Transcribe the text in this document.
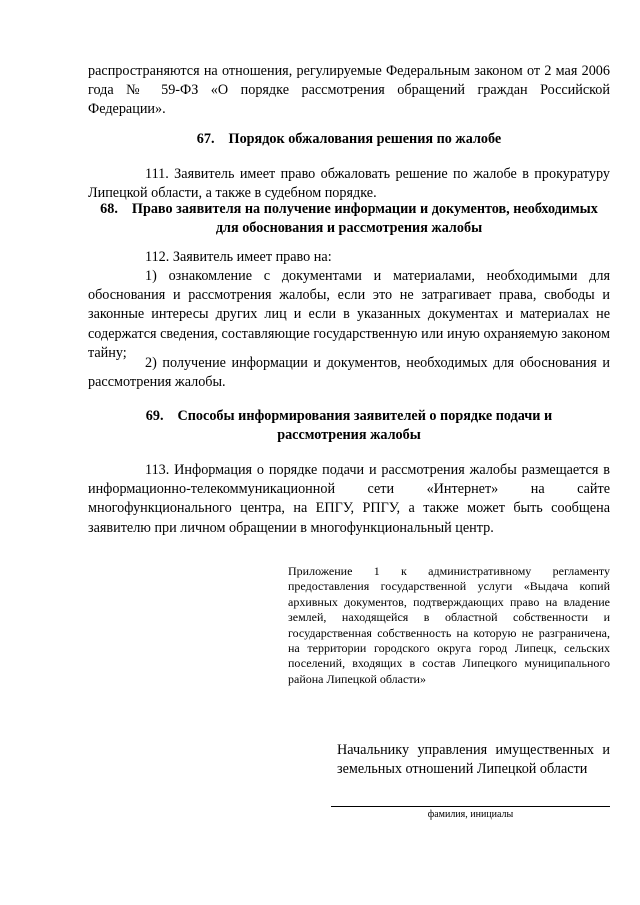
распространяются на отношения, регулируемые Федеральным законом от 2 мая 2006 года № 59-ФЗ «О порядке рассмотрения обращений граждан Российской Федерации».

67. Порядок обжалования решения по жалобе

111. Заявитель имеет право обжаловать решение по жалобе в прокуратуру Липецкой области, а также в судебном порядке.

68. Право заявителя на получение информации и документов, необходимых для обоснования и рассмотрения жалобы

112. Заявитель имеет право на:

1) ознакомление с документами и материалами, необходимыми для обоснования и рассмотрения жалобы, если это не затрагивает права, свободы и законные интересы других лиц и если в указанных документах и материалах не содержатся сведения, составляющие государственную или иную охраняемую законом тайну;

2) получение информации и документов, необходимых для обоснования и рассмотрения жалобы.

69. Способы информирования заявителей о порядке подачи и рассмотрения жалобы

113. Информация о порядке подачи и рассмотрения жалобы размещается в информационно-телекоммуникационной сети «Интернет» на сайте многофункционального центра, на ЕПГУ, РПГУ, а также может быть сообщена заявителю при личном обращении в многофункциональный центр.

Приложение 1 к административному регламенту предоставления государственной услуги «Выдача копий архивных документов, подтверждающих право на владение землей, находящейся в областной собственности и государственная собственность на которую не разграничена, на территории городского округа город Липецк, сельских поселений, входящих в состав Липецкого муниципального района Липецкой области»

Начальнику управления имущественных и земельных отношений Липецкой области

фамилия, инициалы
